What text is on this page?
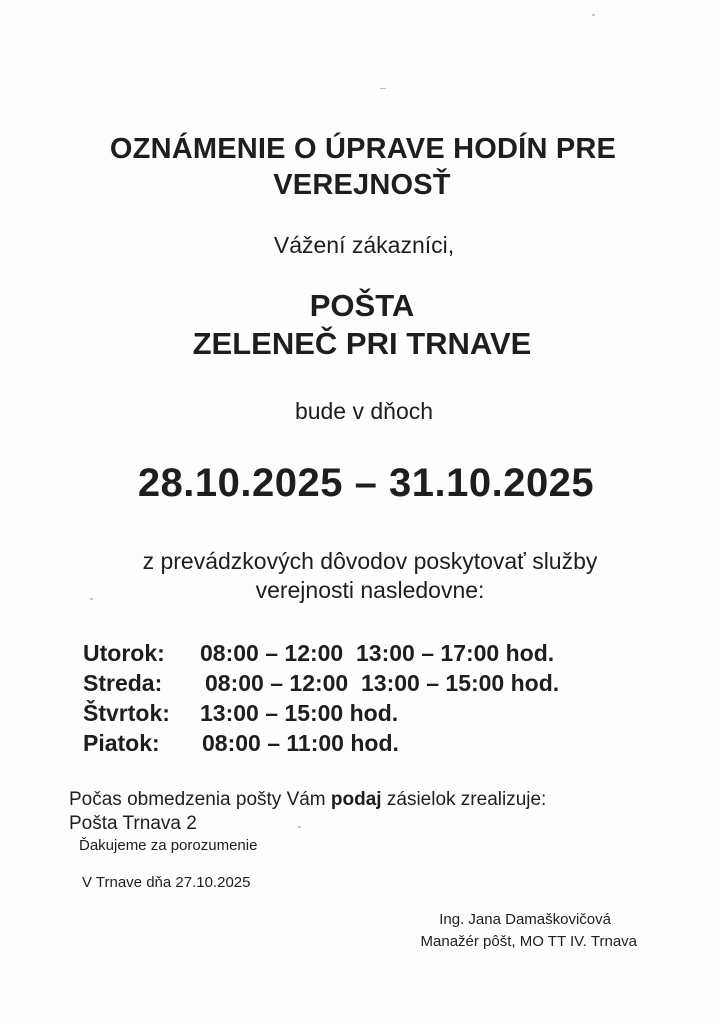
OZNÁMENIE O ÚPRAVE HODÍN PRE
VEREJNOSŤ
Vážení zákazníci,
POŠTA
ZELENEČ PRI TRNAVE
bude v dňoch
28.10.2025 – 31.10.2025
z prevádzkových dôvodov poskytovať služby
verejnosti nasledovne:
Utorok: 08:00 – 12:00  13:00 – 17:00 hod.
Streda: 08:00 – 12:00  13:00 – 15:00 hod.
Štvrtok: 13:00 – 15:00 hod.
Piatok: 08:00 – 11:00 hod.
Počas obmedzenia pošty Vám podaj zásielok zrealizuje:
Pošta Trnava 2
Ďakujeme za porozumenie
V Trnave dňa 27.10.2025
Ing. Jana Damaškovičová
Manažér pôšt, MO TT IV. Trnava
